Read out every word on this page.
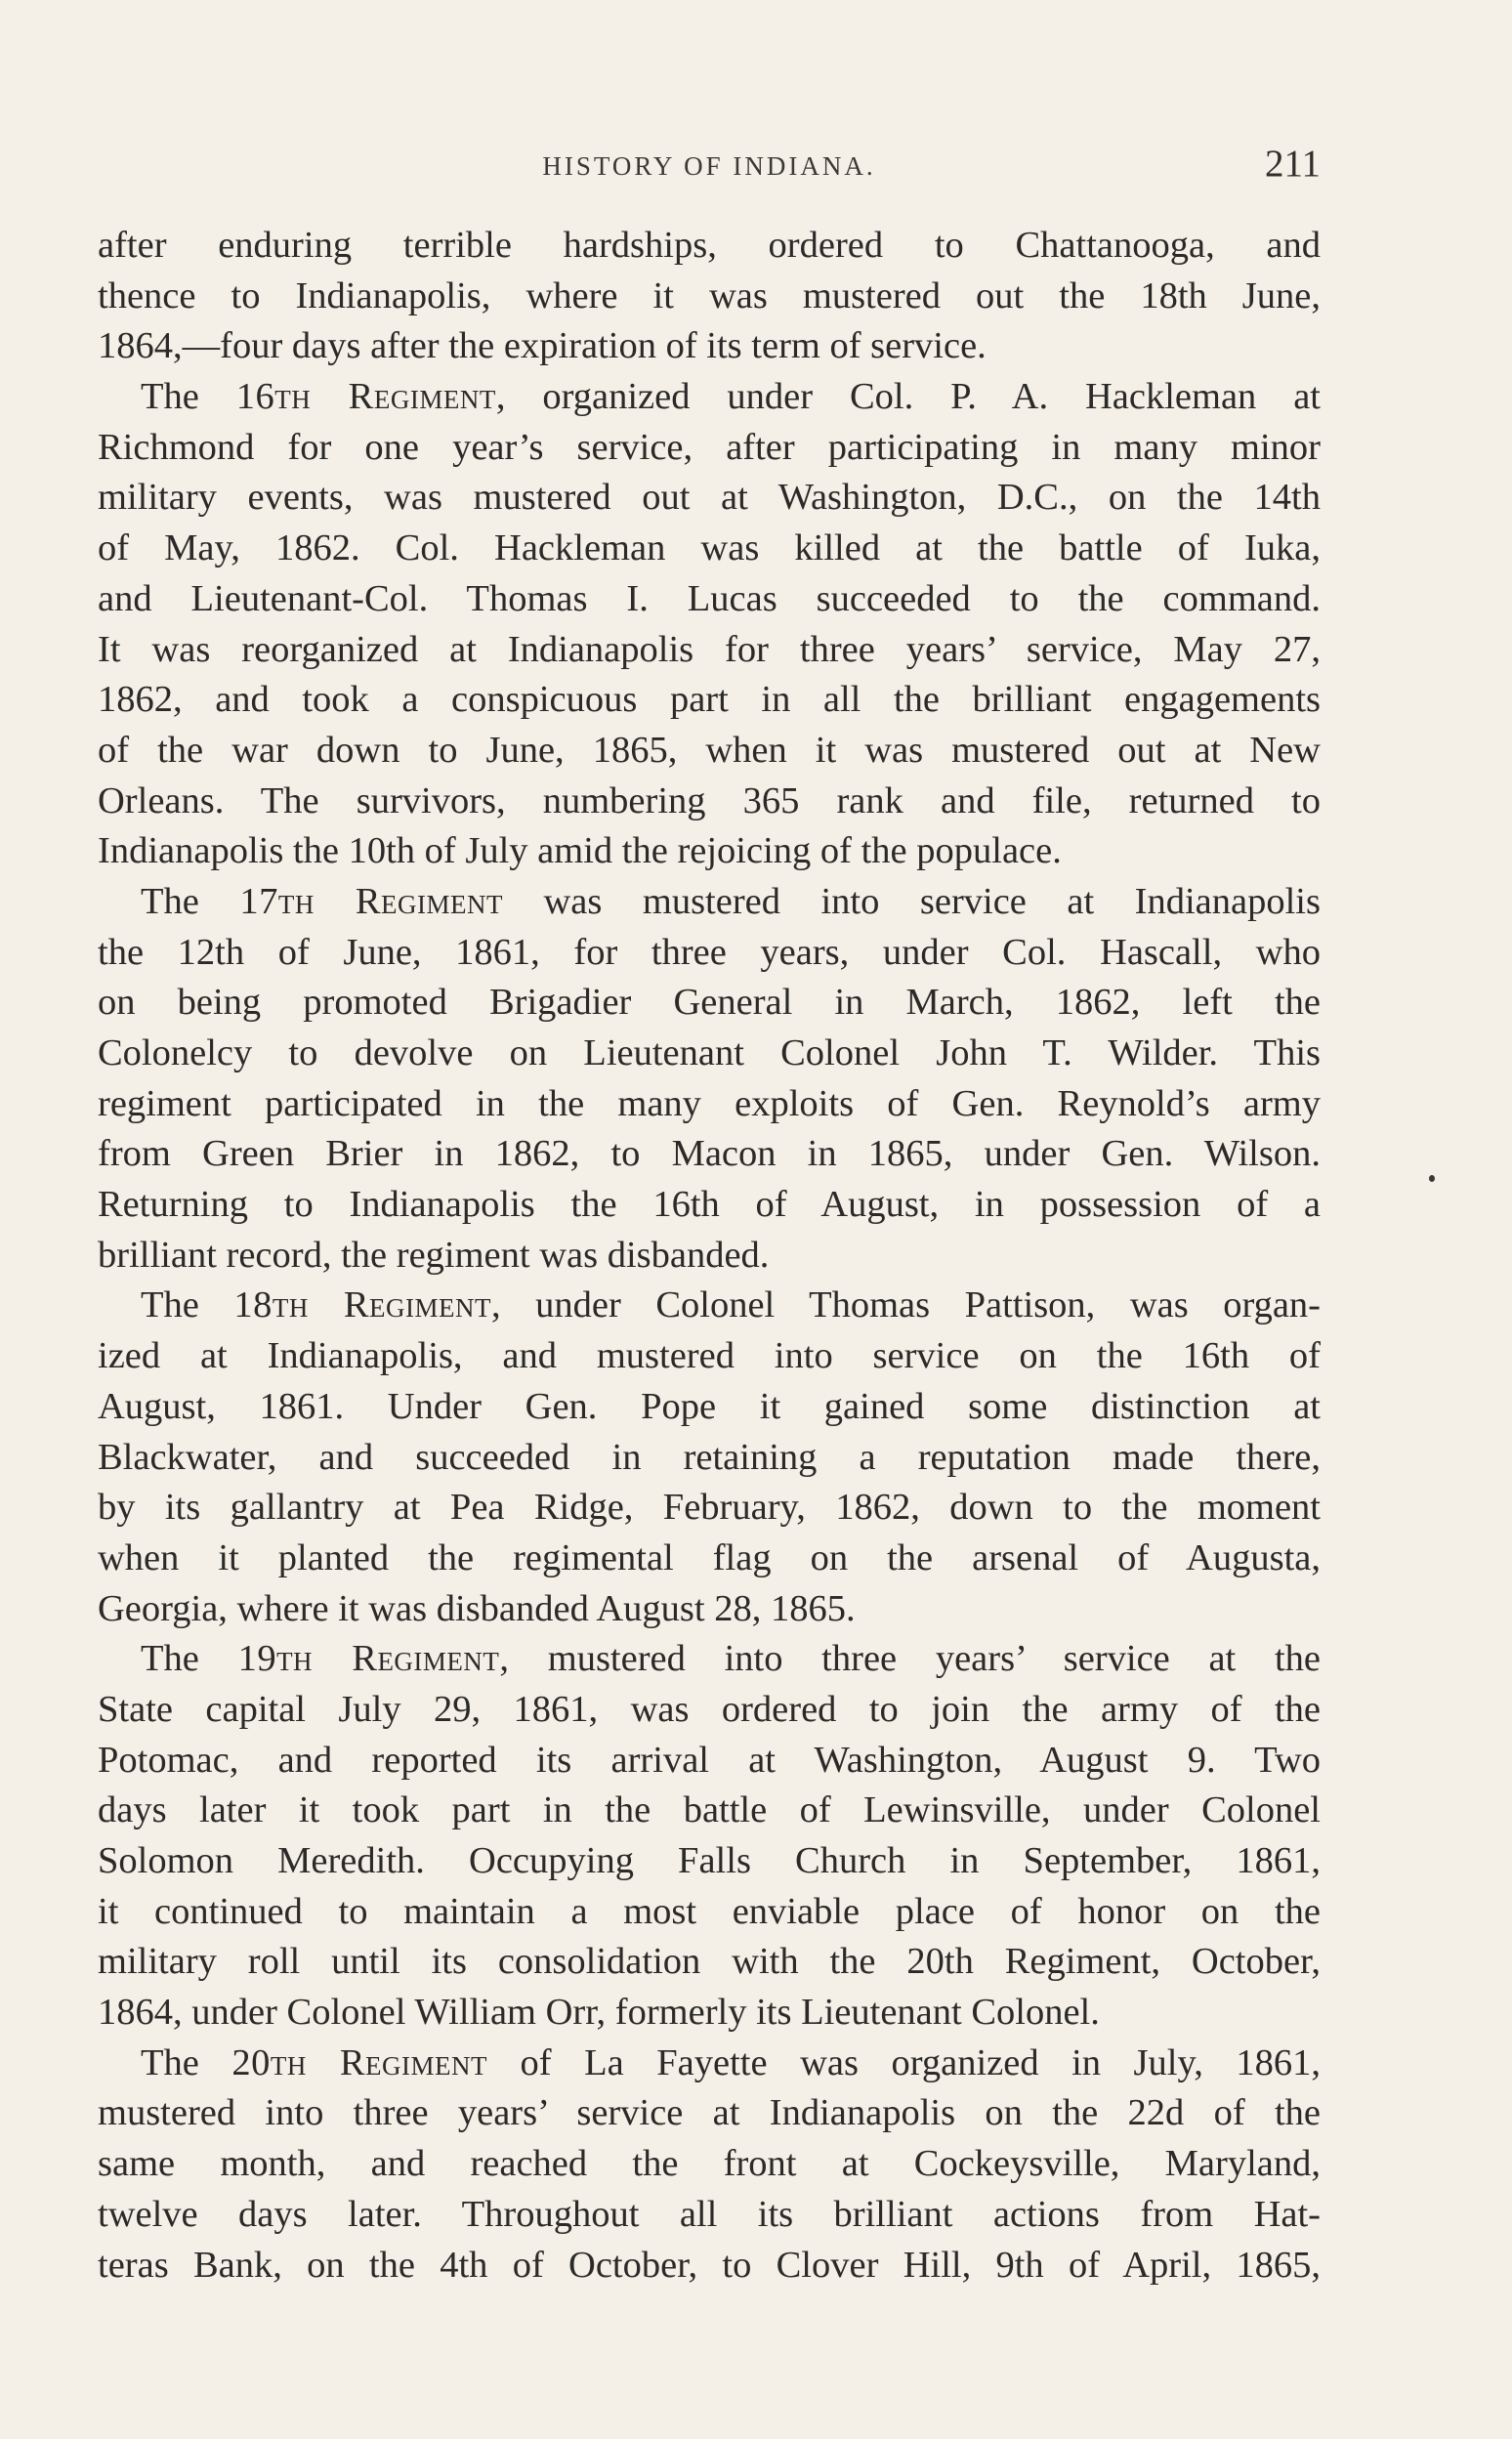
HISTORY OF INDIANA.	211
after enduring terrible hardships, ordered to Chattanooga, and
thence to Indianapolis, where it was mustered out the 18th June,
1864,—four days after the expiration of its term of service.
The 16th Regiment, organized under Col. P. A. Hackleman at
Richmond for one year’s service, after participating in many minor
military events, was mustered out at Washington, D.C., on the 14th
of May, 1862. Col. Hackleman was killed at the battle of Iuka,
and Lieutenant-Col. Thomas I. Lucas succeeded to the command.
It was reorganized at Indianapolis for three years’ service, May 27,
1862, and took a conspicuous part in all the brilliant engagements
of the war down to June, 1865, when it was mustered out at New
Orleans. The survivors, numbering 365 rank and file, returned to
Indianapolis the 10th of July amid the rejoicing of the populace.
The 17th Regiment was mustered into service at Indianapolis
the 12th of June, 1861, for three years, under Col. Hascall, who
on being promoted Brigadier General in March, 1862, left the
Colonelcy to devolve on Lieutenant Colonel John T. Wilder. This
regiment participated in the many exploits of Gen. Reynold’s army
from Green Brier in 1862, to Macon in 1865, under Gen. Wilson.
Returning to Indianapolis the 16th of August, in possession of a
brilliant record, the regiment was disbanded.
The 18th Regiment, under Colonel Thomas Pattison, was organ-
ized at Indianapolis, and mustered into service on the 16th of
August, 1861. Under Gen. Pope it gained some distinction at
Blackwater, and succeeded in retaining a reputation made there,
by its gallantry at Pea Ridge, February, 1862, down to the moment
when it planted the regimental flag on the arsenal of Augusta,
Georgia, where it was disbanded August 28, 1865.
The 19th Regiment, mustered into three years’ service at the
State capital July 29, 1861, was ordered to join the army of the
Potomac, and reported its arrival at Washington, August 9. Two
days later it took part in the battle of Lewinsville, under Colonel
Solomon Meredith. Occupying Falls Church in September, 1861,
it continued to maintain a most enviable place of honor on the
military roll until its consolidation with the 20th Regiment, October,
1864, under Colonel William Orr, formerly its Lieutenant Colonel.
The 20th Regiment of La Fayette was organized in July, 1861,
mustered into three years’ service at Indianapolis on the 22d of the
same month, and reached the front at Cockeysville, Maryland,
twelve days later. Throughout all its brilliant actions from Hat-
teras Bank, on the 4th of October, to Clover Hill, 9th of April, 1865,
